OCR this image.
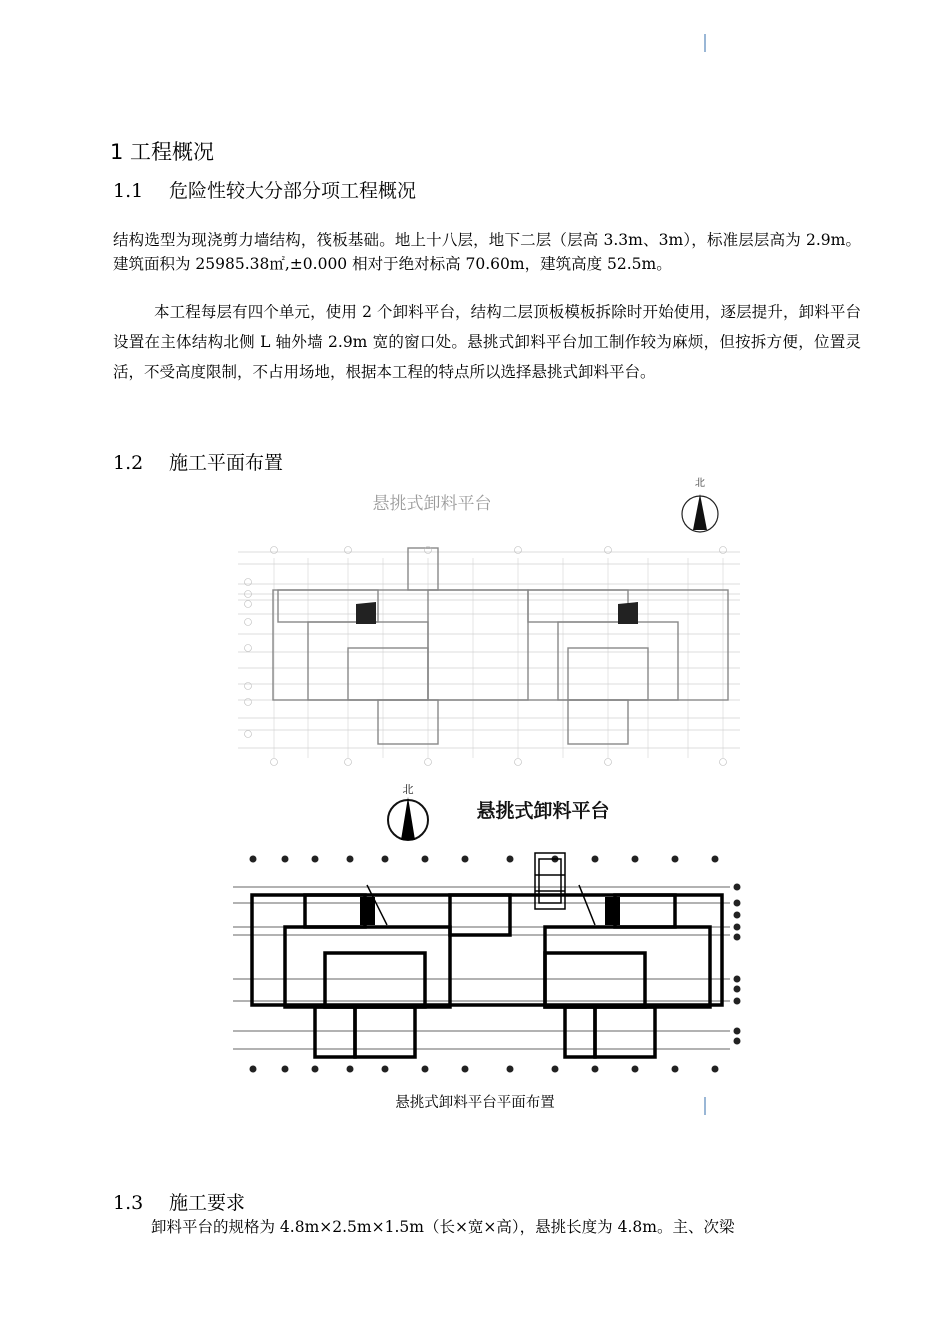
1 工程概况
1.1 危险性较大分部分项工程概况
结构选型为现浇剪力墙结构，筏板基础。地上十八层，地下二层（层高 3.3m、3m），标准层层高为 2.9m。建筑面积为 25985.38㎡,±0.000 相对于绝对标高 70.60m，建筑高度 52.5m。
本工程每层有四个单元，使用 2 个卸料平台，结构二层顶板模板拆除时开始使用，逐层提升，卸料平台设置在主体结构北侧 L 轴外墙 2.9m 宽的窗口处。悬挑式卸料平台加工制作较为麻烦，但按拆方便，位置灵活，不受高度限制，不占用场地，根据本工程的特点所以选择悬挑式卸料平台。
1.2 施工平面布置
悬挑式卸料平台
北
北
悬挑式卸料平台
悬挑式卸料平台平面布置
1.3 施工要求
卸料平台的规格为 4.8m×2.5m×1.5m（长×宽×高），悬挑长度为 4.8m。主、次梁
